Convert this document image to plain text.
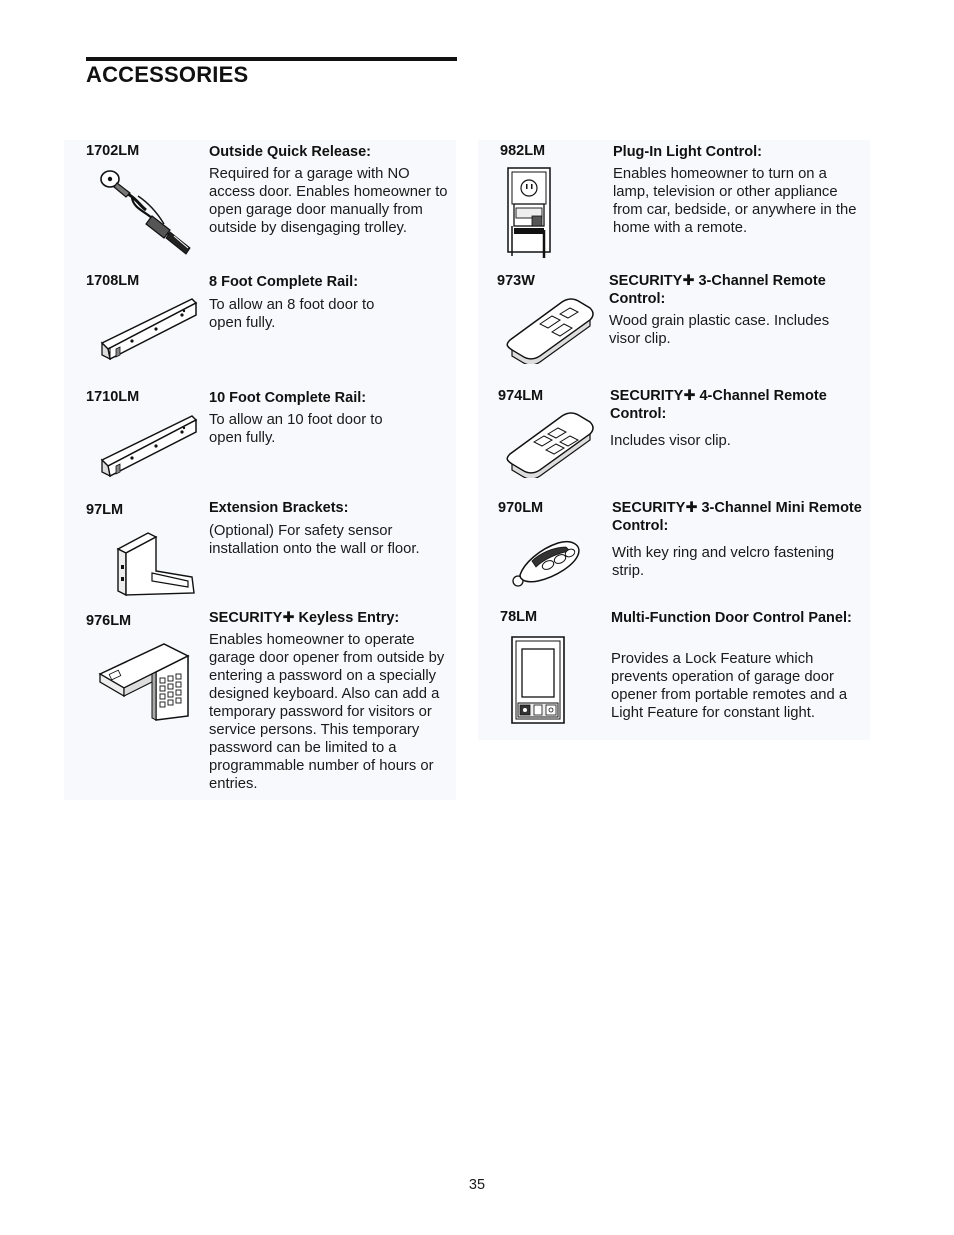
ACCESSORIES
1702LM	Outside Quick Release:
Required for a garage with NO access door. Enables homeowner to open garage door manually from outside by disengaging trolley.
1708LM	8 Foot Complete Rail:
To allow an 8 foot door to open fully.
1710LM	10 Foot Complete Rail:
To allow an 10 foot door to open fully.
97LM	Extension Brackets:
(Optional) For safety sensor installation onto the wall or floor.
976LM	SECURITY✚ Keyless Entry:
Enables homeowner to operate garage door opener from outside by entering a password on a specially designed keyboard. Also can add a temporary password for visitors or service persons. This temporary password can be limited to a programmable number of hours or entries.
982LM	Plug-In Light Control:
Enables homeowner to turn on a lamp, television or other appliance from car, bedside, or anywhere in the home with a remote.
973W	SECURITY✚ 3-Channel Remote Control:
Wood grain plastic case. Includes visor clip.
974LM	SECURITY✚ 4-Channel Remote Control:
Includes visor clip.
970LM	SECURITY✚ 3-Channel Mini Remote Control:
With key ring and velcro fastening strip.
78LM	Multi-Function Door Control Panel:
Provides a Lock Feature which prevents operation of garage door opener from portable remotes and a Light Feature for constant light.
35
